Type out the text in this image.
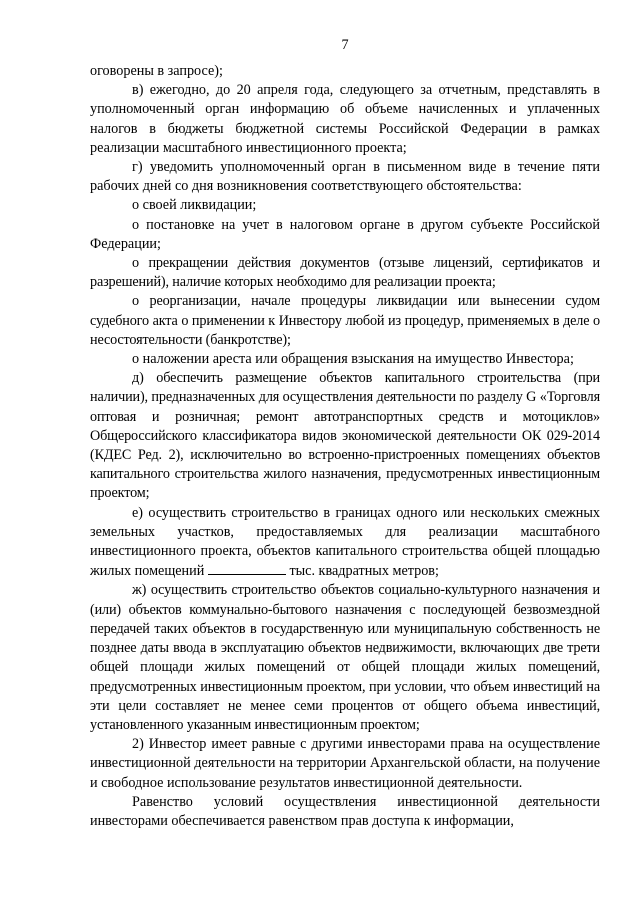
7

оговорены в запросе);

в) ежегодно, до 20 апреля года, следующего за отчетным, представлять в уполномоченный орган информацию об объеме начисленных и уплаченных налогов в бюджеты бюджетной системы Российской Федерации в рамках реализации масштабного инвестиционного проекта;

г) уведомить уполномоченный орган в письменном виде в течение пяти рабочих дней со дня возникновения соответствующего обстоятельства:

о своей ликвидации;

о постановке на учет в налоговом органе в другом субъекте Российской Федерации;

о прекращении действия документов (отзыве лицензий, сертификатов и разрешений), наличие которых необходимо для реализации проекта;

о реорганизации, начале процедуры ликвидации или вынесении судом судебного акта о применении к Инвестору любой из процедур, применяемых в деле о несостоятельности (банкротстве);

о наложении ареста или обращения взыскания на имущество Инвестора;

д) обеспечить размещение объектов капитального строительства (при наличии), предназначенных для осуществления деятельности по разделу G «Торговля оптовая и розничная; ремонт автотранспортных средств и мотоциклов» Общероссийского классификатора видов экономической деятельности ОК 029-2014 (КДЕС Ред. 2), исключительно во встроенно-пристроенных помещениях объектов капитального строительства жилого назначения, предусмотренных инвестиционным проектом;

е) осуществить строительство в границах одного или нескольких смежных земельных участков, предоставляемых для реализации масштабного инвестиционного проекта, объектов капитального строительства общей площадью жилых помещений	тыс. квадратных метров;

ж) осуществить строительство объектов социально-культурного назначения и (или) объектов коммунально-бытового назначения с последующей безвозмездной передачей таких объектов в государственную или муниципальную собственность не позднее даты ввода в эксплуатацию объектов недвижимости, включающих две трети общей площади жилых помещений от общей площади жилых помещений, предусмотренных инвестиционным проектом, при условии, что объем инвестиций на эти цели составляет не менее семи процентов от общего объема инвестиций, установленного указанным инвестиционным проектом;

2) Инвестор имеет равные с другими инвесторами права на осуществление инвестиционной деятельности на территории Архангельской области, на получение и свободное использование результатов инвестиционной деятельности.

Равенство условий осуществления инвестиционной деятельности инвесторами обеспечивается равенством прав доступа к информации,
